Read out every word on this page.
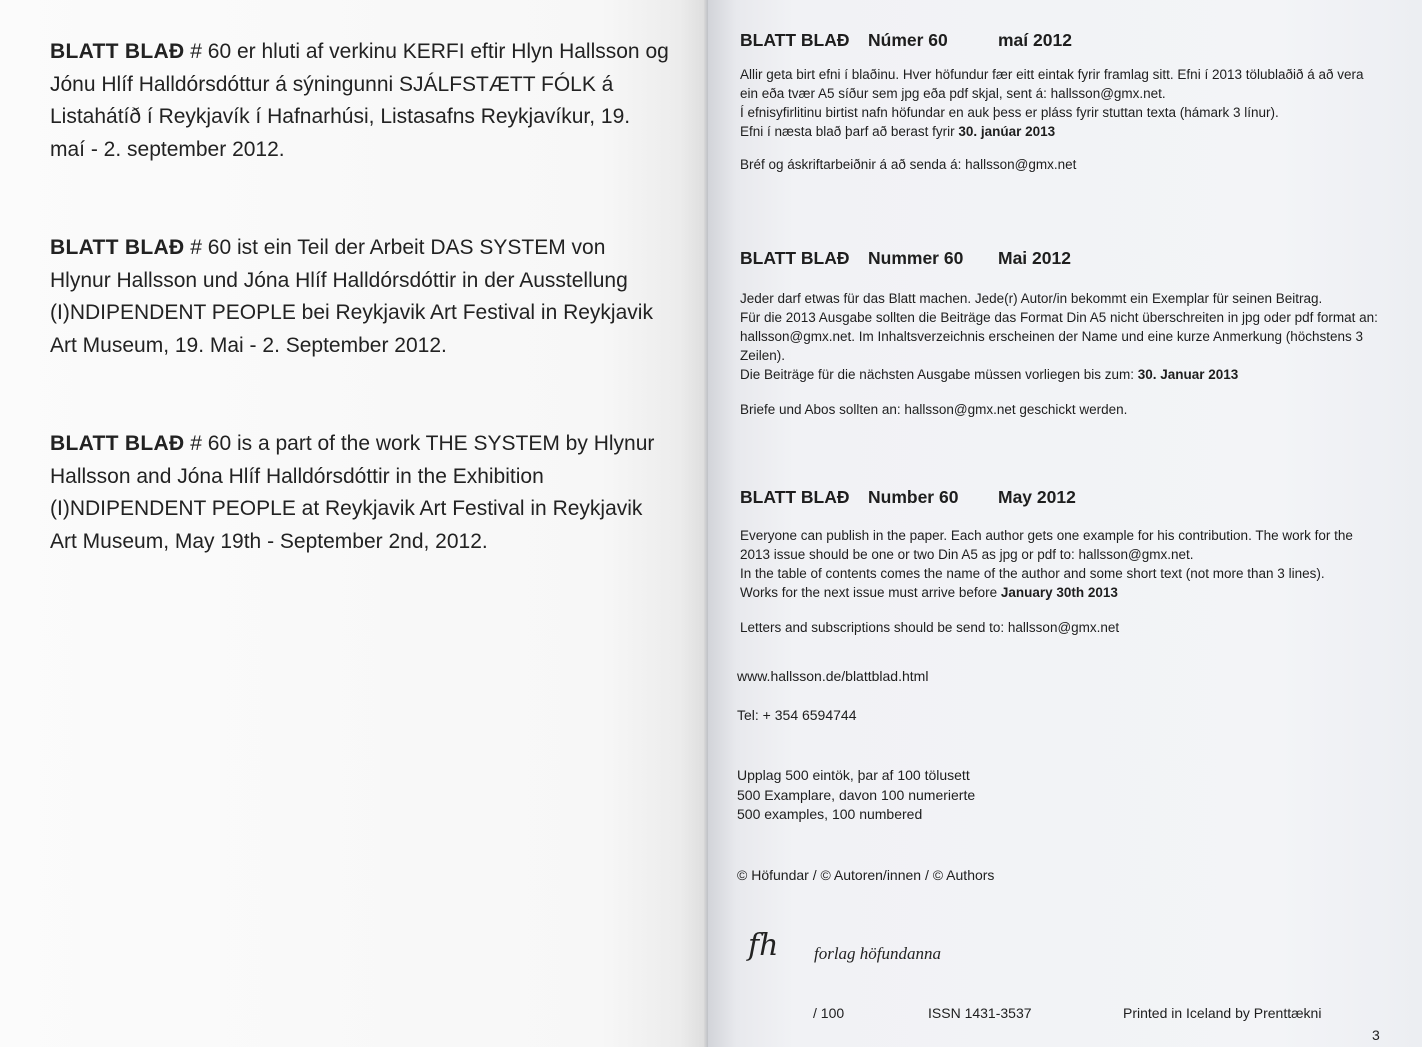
BLATT BLAÐ # 60 er hluti af verkinu KERFI eftir Hlyn Hallsson og Jónu Hlíf Halldórsdóttur á sýningunni SJÁLFSTÆTT FÓLK á Listahátíð í Reykjavík í Hafnarhúsi, Listasafns Reykjavíkur, 19. maí - 2. september 2012.
BLATT BLAÐ # 60 ist ein Teil der Arbeit DAS SYSTEM von Hlynur Hallsson und Jóna Hlíf Halldórsdóttir in der Ausstellung (I)NDIPENDENT PEOPLE bei Reykjavik Art Festival in Reykjavik Art Museum, 19. Mai - 2. September 2012.
BLATT BLAÐ # 60 is a part of the work THE SYSTEM by Hlynur Hallsson and Jóna Hlíf Halldórsdóttir in the Exhibition (I)NDIPENDENT PEOPLE at Reykjavik Art Festival in Reykjavik Art Museum, May 19th - September 2nd, 2012.
BLATT BLAÐ	Númer 60	maí 2012

Allir geta birt efni í blaðinu. Hver höfundur fær eitt eintak fyrir framlag sitt. Efni í 2013 tölublaðið á að vera ein eða tvær A5 síður sem jpg eða pdf skjal, sent á: hallsson@gmx.net.

Í efnisyfirlitinu birtist nafn höfundar en auk þess er pláss fyrir stuttan texta (hámark 3 línur).

Efni í næsta blað þarf að berast fyrir 30. janúar 2013

Bréf og áskriftarbeiðnir á að senda á: hallsson@gmx.net

BLATT BLAÐ	Nummer 60	Mai 2012

Jeder darf etwas für das Blatt machen. Jede(r) Autor/in bekommt ein Exemplar für seinen Beitrag.

Für die 2013 Ausgabe sollten die Beiträge das Format Din A5 nicht überschreiten in jpg oder pdf format an: hallsson@gmx.net. Im Inhaltsverzeichnis erscheinen der Name und eine kurze Anmerkung (höchstens 3 Zeilen).

Die Beiträge für die nächsten Ausgabe müssen vorliegen bis zum: 30. Januar 2013

Briefe und Abos sollten an: hallsson@gmx.net geschickt werden.

BLATT BLAÐ	Number 60	May 2012

Everyone can publish in the paper. Each author gets one example for his contribution. The work for the 2013 issue should be one or two Din A5 as jpg or pdf to: hallsson@gmx.net.

In the table of contents comes the name of the author and some short text (not more than 3 lines).

Works for the next issue must arrive before January 30th 2013

Letters and subscriptions should be send to: hallsson@gmx.net

www.hallsson.de/blattblad.html
Tel: + 354 6594744
Upplag 500 eintök, þar af 100 tölusett
500 Examplare, davon 100 numerierte
500 examples, 100 numbered
© Höfundar / © Autoren/innen / © Authors
fh forlag höfundanna
/ 100	ISSN 1431-3537	Printed in Iceland by Prenttækni
3
